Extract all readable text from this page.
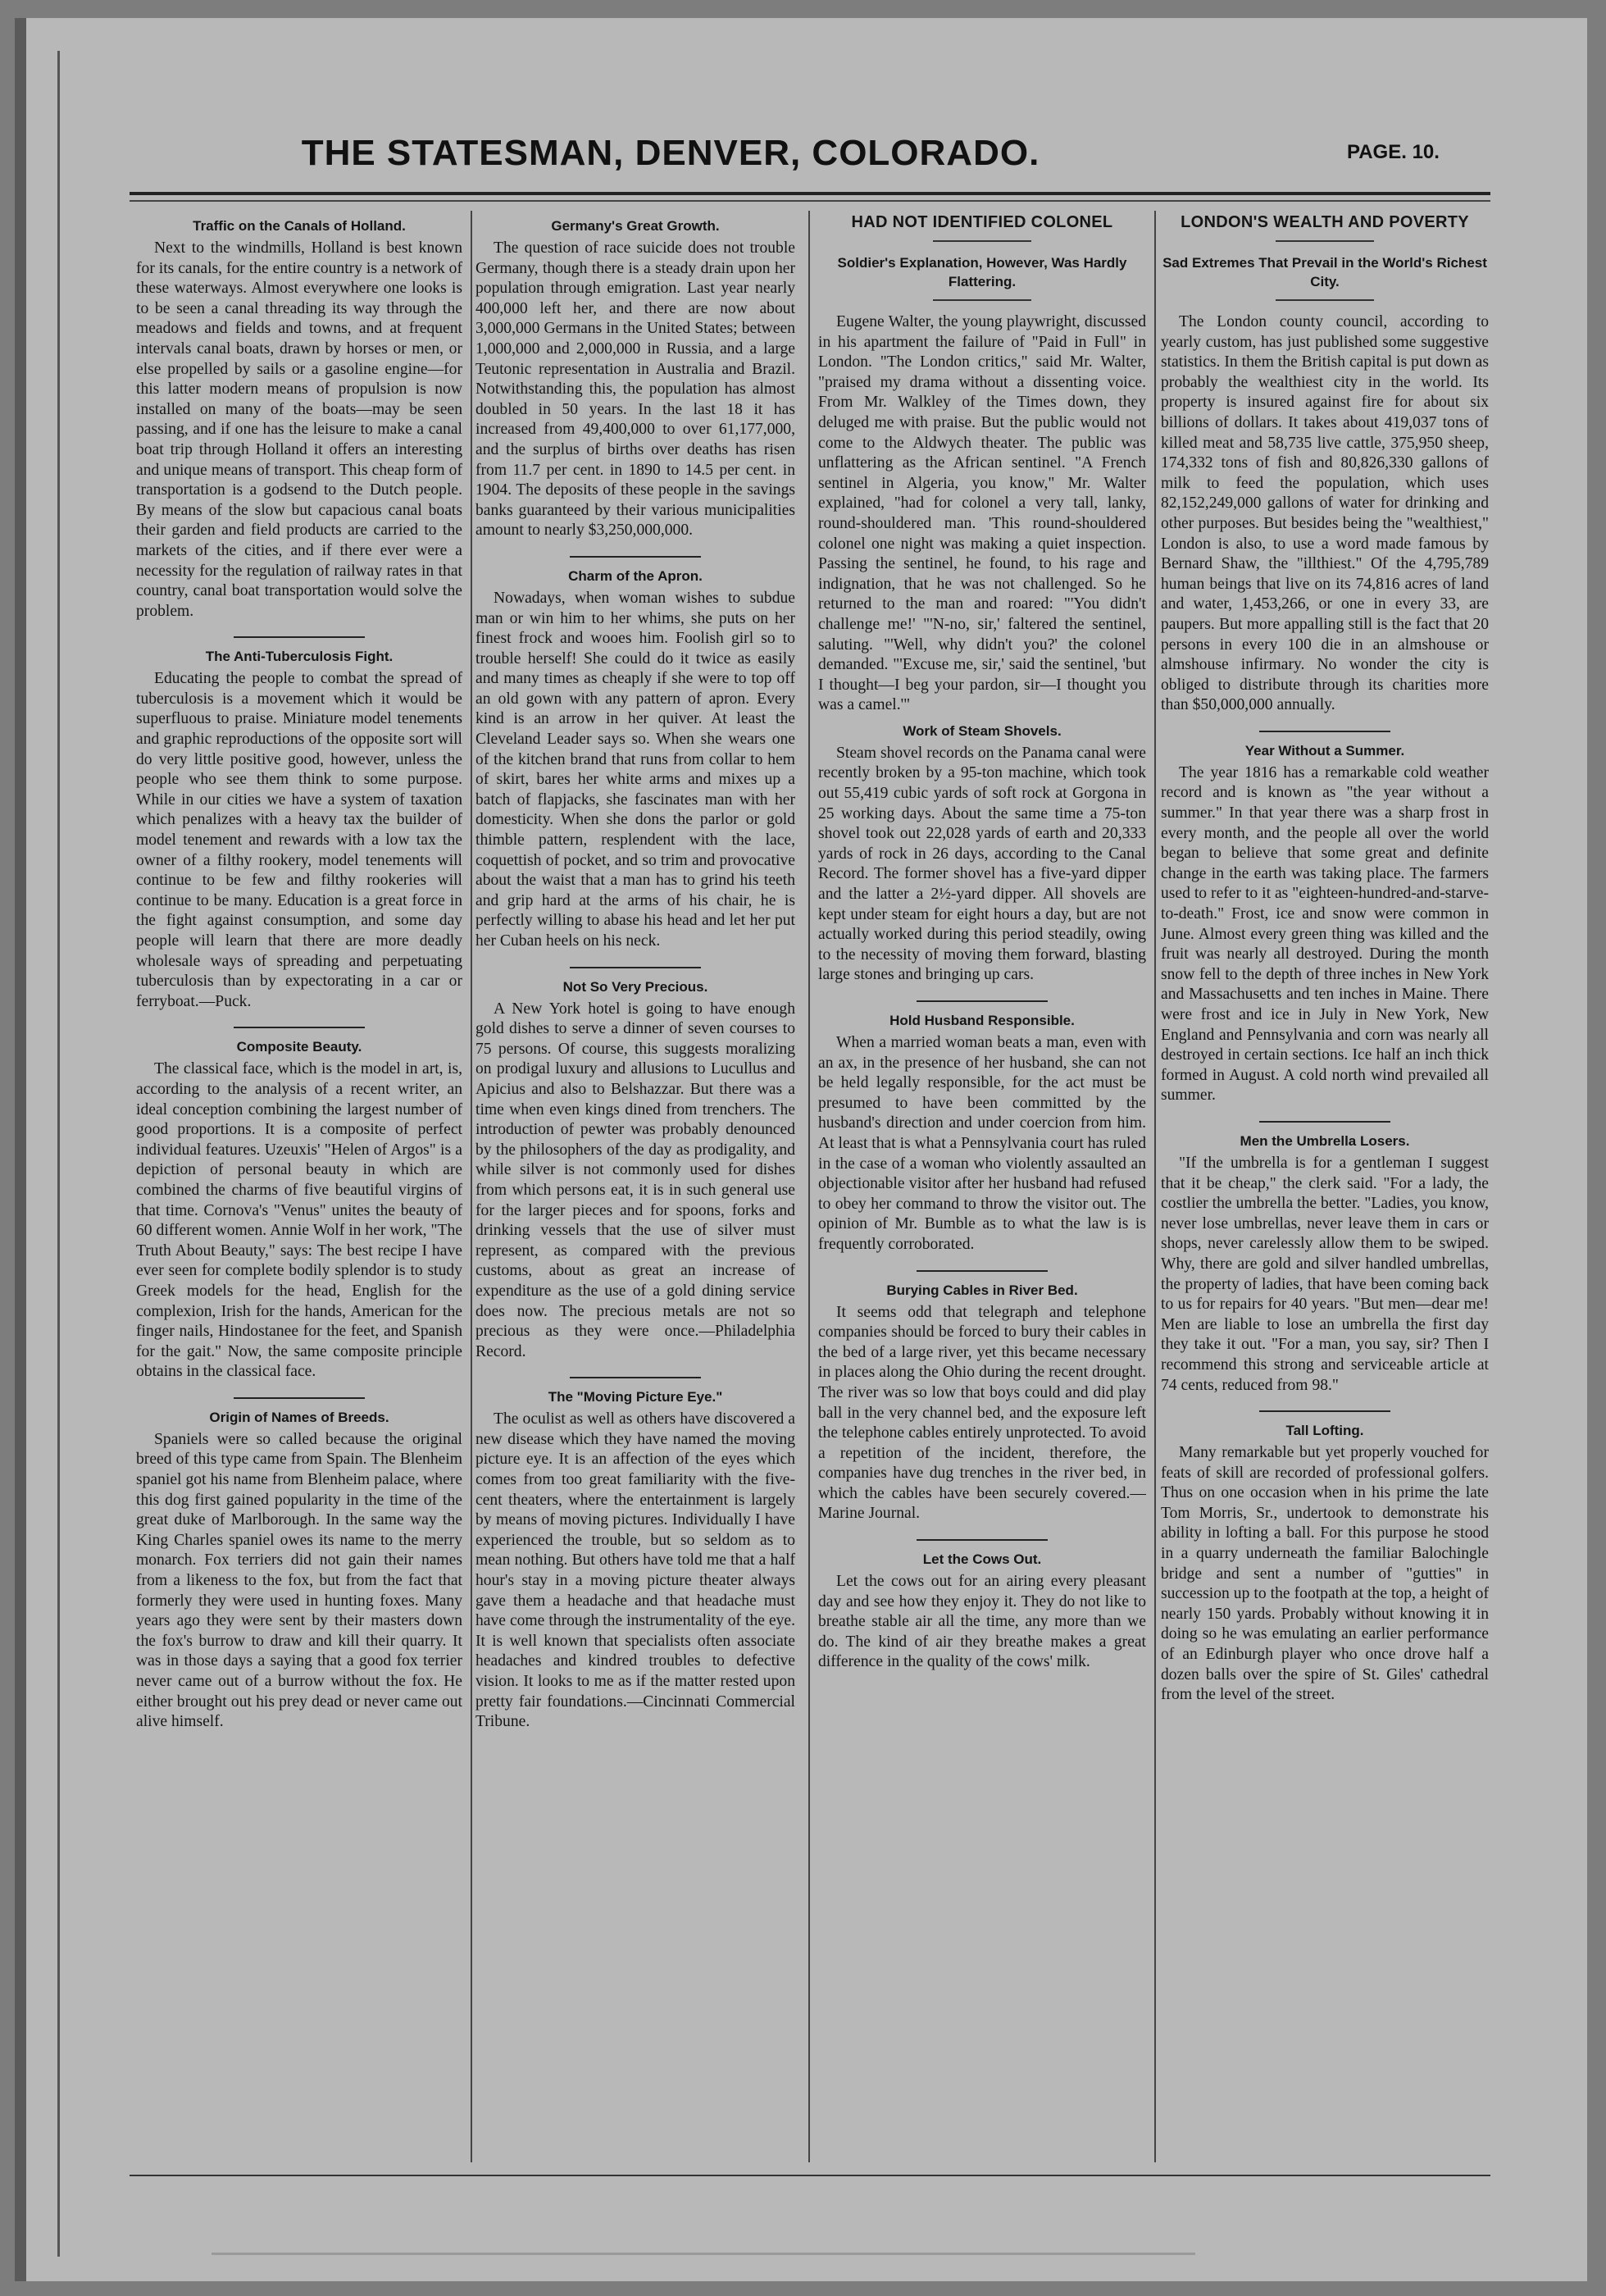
THE STATESMAN, DENVER, COLORADO.	PAGE. 10.
Traffic on the Canals of Holland.

Next to the windmills, Holland is best known for its canals, for the entire country is a network of these waterways. Almost everywhere one looks is to be seen a canal threading its way through the meadows and fields and towns, and at frequent intervals canal boats, drawn by horses or men, or else propelled by sails or a gasoline engine—for this latter modern means of propulsion is now installed on many of the boats—may be seen passing, and if one has the leisure to make a canal boat trip through Holland it offers an interesting and unique means of transport. This cheap form of transportation is a godsend to the Dutch people. By means of the slow but capacious canal boats their garden and field products are carried to the markets of the cities, and if there ever were a necessity for the regulation of railway rates in that country, canal boat transportation would solve the problem.

The Anti-Tuberculosis Fight.

Educating the people to combat the spread of tuberculosis is a movement which it would be superfluous to praise. Miniature model tenements and graphic reproductions of the opposite sort will do very little positive good, however, unless the people who see them think to some purpose. While in our cities we have a system of taxation which penalizes with a heavy tax the builder of model tenement and rewards with a low tax the owner of a filthy rookery, model tenements will continue to be few and filthy rookeries will continue to be many. Education is a great force in the fight against consumption, and some day people will learn that there are more deadly wholesale ways of spreading and perpetuating tuberculosis than by expectorating in a car or ferryboat.—Puck.

Composite Beauty.

The classical face, which is the model in art, is, according to the analysis of a recent writer, an ideal conception combining the largest number of good proportions. It is a composite of perfect individual features. Uzeuxis' "Helen of Argos" is a depiction of personal beauty in which are combined the charms of five beautiful virgins of that time. Cornova's "Venus" unites the beauty of 60 different women. Annie Wolf in her work, "The Truth About Beauty," says: The best recipe I have ever seen for complete bodily splendor is to study Greek models for the head, English for the complexion, Irish for the hands, American for the finger nails, Hindostanee for the feet, and Spanish for the gait." Now, the same composite principle obtains in the classical face.

Origin of Names of Breeds.

Spaniels were so called because the original breed of this type came from Spain. The Blenheim spaniel got his name from Blenheim palace, where this dog first gained popularity in the time of the great duke of Marlborough. In the same way the King Charles spaniel owes its name to the merry monarch. Fox terriers did not gain their names from a likeness to the fox, but from the fact that formerly they were used in hunting foxes. Many years ago they were sent by their masters down the fox's burrow to draw and kill their quarry. It was in those days a saying that a good fox terrier never came out of a burrow without the fox. He either brought out his prey dead or never came out alive himself.

Germany's Great Growth.

The question of race suicide does not trouble Germany, though there is a steady drain upon her population through emigration. Last year nearly 400,000 left her, and there are now about 3,000,000 Germans in the United States; between 1,000,000 and 2,000,000 in Russia, and a large Teutonic representation in Australia and Brazil. Notwithstanding this, the population has almost doubled in 50 years. In the last 18 it has increased from 49,400,000 to over 61,177,000, and the surplus of births over deaths has risen from 11.7 per cent. in 1890 to 14.5 per cent. in 1904. The deposits of these people in the savings banks guaranteed by their various municipalities amount to nearly $3,250,000,000.

Charm of the Apron.

Nowadays, when woman wishes to subdue man or win him to her whims, she puts on her finest frock and wooes him. Foolish girl so to trouble herself! She could do it twice as easily and many times as cheaply if she were to top off an old gown with any pattern of apron. Every kind is an arrow in her quiver. At least the Cleveland Leader says so. When she wears one of the kitchen brand that runs from collar to hem of skirt, bares her white arms and mixes up a batch of flapjacks, she fascinates man with her domesticity. When she dons the parlor or gold thimble pattern, resplendent with the lace, coquettish of pocket, and so trim and provocative about the waist that a man has to grind his teeth and grip hard at the arms of his chair, he is perfectly willing to abase his head and let her put her Cuban heels on his neck.

Not So Very Precious.

A New York hotel is going to have enough gold dishes to serve a dinner of seven courses to 75 persons. Of course, this suggests moralizing on prodigal luxury and allusions to Lucullus and Apicius and also to Belshazzar. But there was a time when even kings dined from trenchers. The introduction of pewter was probably denounced by the philosophers of the day as prodigality, and while silver is not commonly used for dishes from which persons eat, it is in such general use for the larger pieces and for spoons, forks and drinking vessels that the use of silver must represent, as compared with the previous customs, about as great an increase of expenditure as the use of a gold dining service does now. The precious metals are not so precious as they were once.—Philadelphia Record.

The "Moving Picture Eye."

The oculist as well as others have discovered a new disease which they have named the moving picture eye. It is an affection of the eyes which comes from too great familiarity with the five-cent theaters, where the entertainment is largely by means of moving pictures. Individually I have experienced the trouble, but so seldom as to mean nothing. But others have told me that a half hour's stay in a moving picture theater always gave them a headache and that headache must have come through the instrumentality of the eye. It is well known that specialists often associate headaches and kindred troubles to defective vision. It looks to me as if the matter rested upon pretty fair foundations.—Cincinnati Commercial Tribune.

HAD NOT IDENTIFIED COLONEL
Soldier's Explanation, However, Was Hardly Flattering.

Eugene Walter, the young playwright, discussed in his apartment the failure of "Paid in Full" in London. "The London critics," said Mr. Walter, "praised my drama without a dissenting voice. From Mr. Walkley of the Times down, they deluged me with praise. But the public would not come to the Aldwych theater. The public was unflattering as the African sentinel. "A French sentinel in Algeria, you know," Mr. Walter explained, "had for colonel a very tall, lanky, round-shouldered man. 'This round-shouldered colonel one night was making a quiet inspection. Passing the sentinel, he found, to his rage and indignation, that he was not challenged. So he returned to the man and roared: "'You didn't challenge me!' "'N-no, sir,' faltered the sentinel, saluting. "'Well, why didn't you?' the colonel demanded. "'Excuse me, sir,' said the sentinel, 'but I thought—I beg your pardon, sir—I thought you was a camel.'"

Work of Steam Shovels.

Steam shovel records on the Panama canal were recently broken by a 95-ton machine, which took out 55,419 cubic yards of soft rock at Gorgona in 25 working days. About the same time a 75-ton shovel took out 22,028 yards of earth and 20,333 yards of rock in 26 days, according to the Canal Record. The former shovel has a five-yard dipper and the latter a 2½-yard dipper. All shovels are kept under steam for eight hours a day, but are not actually worked during this period steadily, owing to the necessity of moving them forward, blasting large stones and bringing up cars.

Hold Husband Responsible.

When a married woman beats a man, even with an ax, in the presence of her husband, she can not be held legally responsible, for the act must be presumed to have been committed by the husband's direction and under coercion from him. At least that is what a Pennsylvania court has ruled in the case of a woman who violently assaulted an objectionable visitor after her husband had refused to obey her command to throw the visitor out. The opinion of Mr. Bumble as to what the law is is frequently corroborated.

Burying Cables in River Bed.

It seems odd that telegraph and telephone companies should be forced to bury their cables in the bed of a large river, yet this became necessary in places along the Ohio during the recent drought. The river was so low that boys could and did play ball in the very channel bed, and the exposure left the telephone cables entirely unprotected. To avoid a repetition of the incident, therefore, the companies have dug trenches in the river bed, in which the cables have been securely covered.—Marine Journal.

Let the Cows Out.

Let the cows out for an airing every pleasant day and see how they enjoy it. They do not like to breathe stable air all the time, any more than we do. The kind of air they breathe makes a great difference in the quality of the cows' milk.

LONDON'S WEALTH AND POVERTY
Sad Extremes That Prevail in the World's Richest City.

The London county council, according to yearly custom, has just published some suggestive statistics. In them the British capital is put down as probably the wealthiest city in the world. Its property is insured against fire for about six billions of dollars. It takes about 419,037 tons of killed meat and 58,735 live cattle, 375,950 sheep, 174,332 tons of fish and 80,826,330 gallons of milk to feed the population, which uses 82,152,249,000 gallons of water for drinking and other purposes. But besides being the "wealthiest," London is also, to use a word made famous by Bernard Shaw, the "illthiest." Of the 4,795,789 human beings that live on its 74,816 acres of land and water, 1,453,266, or one in every 33, are paupers. But more appalling still is the fact that 20 persons in every 100 die in an almshouse or almshouse infirmary. No wonder the city is obliged to distribute through its charities more than $50,000,000 annually.

Year Without a Summer.

The year 1816 has a remarkable cold weather record and is known as "the year without a summer." In that year there was a sharp frost in every month, and the people all over the world began to believe that some great and definite change in the earth was taking place. The farmers used to refer to it as "eighteen-hundred-and-starve-to-death." Frost, ice and snow were common in June. Almost every green thing was killed and the fruit was nearly all destroyed. During the month snow fell to the depth of three inches in New York and Massachusetts and ten inches in Maine. There were frost and ice in July in New York, New England and Pennsylvania and corn was nearly all destroyed in certain sections. Ice half an inch thick formed in August. A cold north wind prevailed all summer.

Men the Umbrella Losers.

"If the umbrella is for a gentleman I suggest that it be cheap," the clerk said. "For a lady, the costlier the umbrella the better. "Ladies, you know, never lose umbrellas, never leave them in cars or shops, never carelessly allow them to be swiped. Why, there are gold and silver handled umbrellas, the property of ladies, that have been coming back to us for repairs for 40 years. "But men—dear me! Men are liable to lose an umbrella the first day they take it out. "For a man, you say, sir? Then I recommend this strong and serviceable article at 74 cents, reduced from 98."

Tall Lofting.

Many remarkable but yet properly vouched for feats of skill are recorded of professional golfers. Thus on one occasion when in his prime the late Tom Morris, Sr., undertook to demonstrate his ability in lofting a ball. For this purpose he stood in a quarry underneath the familiar Balochingle bridge and sent a number of "gutties" in succession up to the footpath at the top, a height of nearly 150 yards. Probably without knowing it in doing so he was emulating an earlier performance of an Edinburgh player who once drove half a dozen balls over the spire of St. Giles' cathedral from the level of the street.
